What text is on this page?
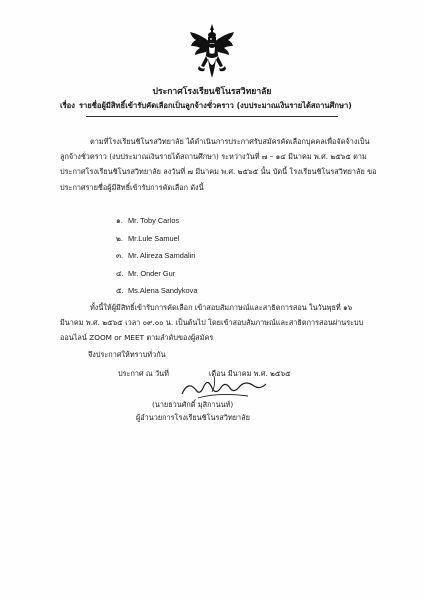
ประกาศโรงเรียนชิโนรสวิทยาลัย
เรื่อง รายชื่อผู้มีสิทธิ์เข้ารับคัดเลือกเป็นลูกจ้างชั่วคราว (งบประมาณเงินรายได้สถานศึกษา)
ตามที่โรงเรียนชิโนรสวิทยาลัย ได้ดำเนินการประกาศรับสมัครคัดเลือกบุคคลเพื่อจัดจ้างเป็นลูกจ้างชั่วคราว (งบประมาณเงินรายได้สถานศึกษา) ระหว่างวันที่ ๗ – ๑๔ มีนาคม พ.ศ. ๒๕๖๕ ตามประกาศโรงเรียนชิโนรสวิทยาลัย ลงวันที่ ๗ มีนาคม พ.ศ. ๒๕๖๕ นั้น บัดนี้ โรงเรียนชิโนรสวิทยาลัย ขอประกาศรายชื่อผู้มีสิทธิ์เข้ารับการคัดเลือก ดังนี้
๑. Mr. Toby Carlos
๒. Mr.Lule Samuel
๓. Mr. Alireza Samdaliri
๔. Mr. Onder Gur
๕. Ms.Alena Sandykova
ทั้งนี้ให้ผู้มีสิทธิ์เข้ารับการคัดเลือก เข้าสอบสัมภาษณ์และสาธิตการสอน ในวันพุธที่ ๑๖ มีนาคม พ.ศ. ๒๕๖๕ เวลา ๐๙.๐๐ น. เป็นต้นไป โดยเข้าสอบสัมภาษณ์และสาธิตการสอนผ่านระบบออนไลน์ ZOOM or MEET ตามลำดับของผู้สมัคร
จึงประกาศให้ทราบทั่วกัน
ประกาศ ณ วันที่	เดือน มีนาคม พ.ศ. ๒๕๖๕
(นายธวนศักดิ์ มุสิกานนท์)
ผู้อำนวยการโรงเรียนชิโนรสวิทยาลัย
